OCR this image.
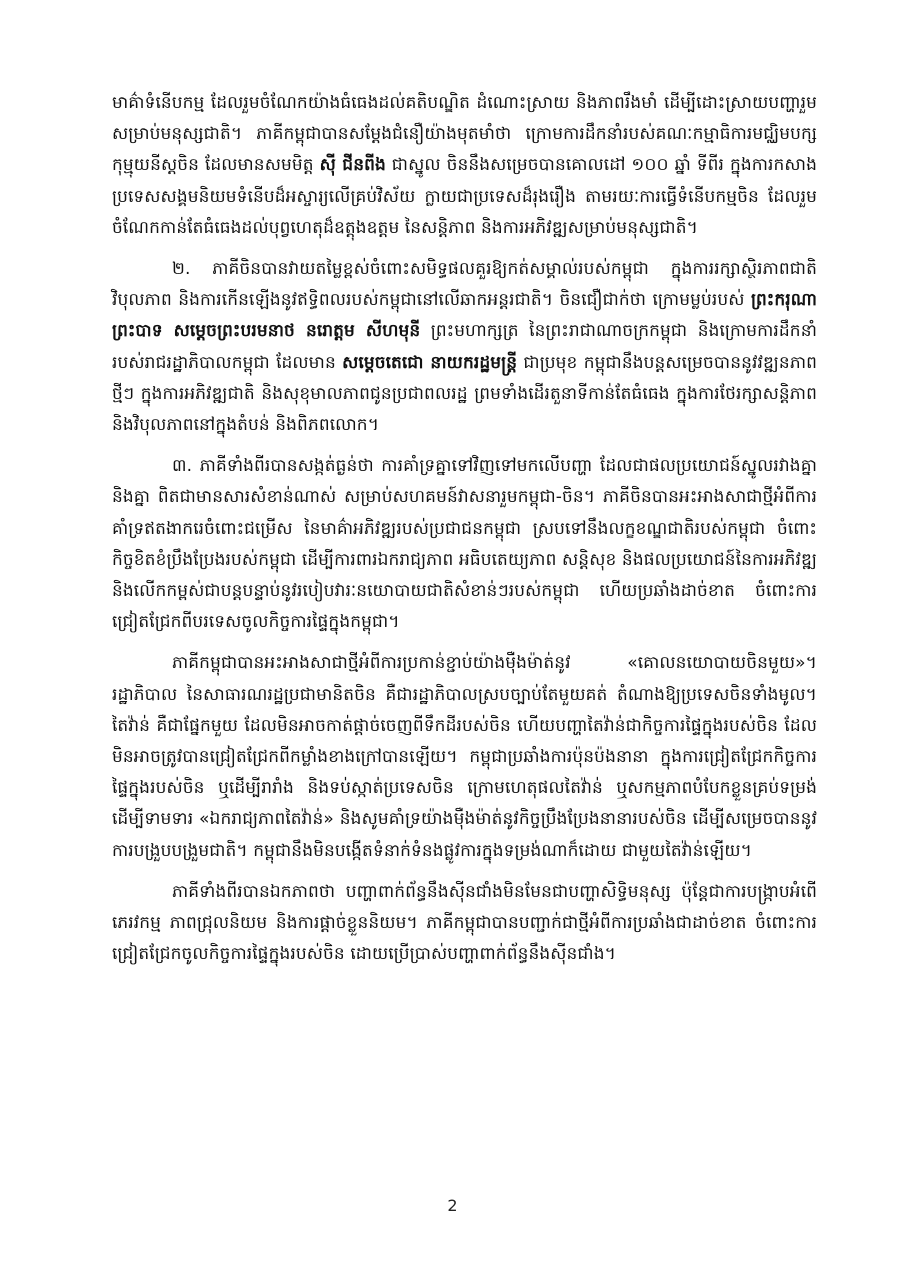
មាគ៌ាទំនើបកម្ម ដែលរួមចំណែកយ៉ាងធំធេងដល់គតិបណ្ឌិត ដំណោះស្រាយ និងភាពរឹងមាំ ដើម្បីដោះស្រាយបញ្ហារួមសម្រាប់មនុស្សជាតិ។ ភាគីកម្ពុជាបានសម្តែងជំនឿយ៉ាងមុតមាំថា ក្រោមការដឹកនាំរបស់គណៈកម្មាធិការមជ្ឈិមបក្សកុម្មុយនីស្តចិន ដែលមានសមមិត្ត ស៊ី ជីនពីង ជាស្នូល ចិននឹងសម្រេចបានគោលដៅ ១០០ ឆ្នាំ ទីពីរ ក្នុងការកសាងប្រទេសសង្គមនិយមទំនើបដ៏អស្ចារ្យលើគ្រប់វិស័យ ក្លាយជាប្រទេសដ៏រុងរឿង តាមរយៈការធ្វើទំនើបកម្មចិន ដែលរួមចំណែកកាន់តែធំធេងដល់បុព្វហេតុដ៏ឧត្តុងឧត្តម នៃសន្តិភាព និងការអភិវឌ្ឍសម្រាប់មនុស្សជាតិ។

២. ភាគីចិនបានវាយតម្លៃខ្ពស់ចំពោះសមិទ្ធផលគួរឱ្យកត់សម្គាល់របស់កម្ពុជា ក្នុងការរក្សាស្ថិរភាពជាតិ វិបុលភាព និងការកើនឡើងនូវឥទ្ធិពលរបស់កម្ពុជានៅលើឆាកអន្តរជាតិ។ ចិនជឿជាក់ថា ក្រោមម្លប់របស់ ព្រះករុណាព្រះបាទ សម្តេចព្រះបរមនាថ នរោត្តម សីហមុនី ព្រះមហាក្សត្រ នៃព្រះរាជាណាចក្រកម្ពុជា និងក្រោមការដឹកនាំរបស់រាជរដ្ឋាភិបាលកម្ពុជា ដែលមាន សម្តេចតេជោ នាយករដ្ឋមន្ត្រី ជាប្រមុខ កម្ពុជានឹងបន្តសម្រេចបាននូវវឌ្ឍនភាពថ្មីៗ ក្នុងការអភិវឌ្ឍជាតិ និងសុខុមាលភាពជូនប្រជាពលរដ្ឋ ព្រមទាំងដើរតួនាទីកាន់តែធំធេង ក្នុងការថែរក្សាសន្តិភាព និងវិបុលភាពនៅក្នុងតំបន់ និងពិភពលោក។

៣. ភាគីទាំងពីរបានសង្កត់ធ្ងន់ថា ការគាំទ្រគ្នាទៅវិញទៅមកលើបញ្ហា ដែលជាផលប្រយោជន៍ស្នូលរវាងគ្នានិងគ្នា ពិតជាមានសារសំខាន់ណាស់ សម្រាប់សហគមន៍វាសនារួមកម្ពុជា-ចិន។ ភាគីចិនបានអះអាងសាជាថ្មីអំពីការគាំទ្រឥតងាករេចំពោះជម្រើស នៃមាគ៌ាអភិវឌ្ឍរបស់ប្រជាជនកម្ពុជា ស្របទៅនឹងលក្ខខណ្ឌជាតិរបស់កម្ពុជា ចំពោះកិច្ចខិតខំប្រឹងប្រែងរបស់កម្ពុជា ដើម្បីការពារឯករាជ្យភាព អធិបតេយ្យភាព សន្តិសុខ និងផលប្រយោជន៍នៃការអភិវឌ្ឍ និងលើកកម្ពស់ជាបន្តបន្ទាប់នូវរបៀបវារៈនយោបាយជាតិសំខាន់ៗរបស់កម្ពុជា ហើយប្រឆាំងដាច់ខាត ចំពោះការជ្រៀតជ្រែកពីបរទេសចូលកិច្ចការផ្ទៃក្នុងកម្ពុជា។

ភាគីកម្ពុជាបានអះអាងសាជាថ្មីអំពីការប្រកាន់ខ្ជាប់យ៉ាងម៉ឺងម៉ាត់នូវ «គោលនយោបាយចិនមួយ»។ រដ្ឋាភិបាល នៃសាធារណរដ្ឋប្រជាមានិតចិន គឺជារដ្ឋាភិបាលស្របច្បាប់តែមួយគត់ តំណាងឱ្យប្រទេសចិនទាំងមូល។ តៃវ៉ាន់ គឺជាផ្នែកមួយ ដែលមិនអាចកាត់ផ្តាច់ចេញពីទឹកដីរបស់ចិន ហើយបញ្ហាតៃវ៉ាន់ជាកិច្ចការផ្ទៃក្នុងរបស់ចិន ដែលមិនអាចត្រូវបានជ្រៀតជ្រែកពីកម្លាំងខាងក្រៅបានឡើយ។ កម្ពុជាប្រឆាំងការប៉ុនប៉ងនានា ក្នុងការជ្រៀតជ្រែកកិច្ចការផ្ទៃក្នុងរបស់ចិន ឬដើម្បីរារាំង និងទប់ស្កាត់ប្រទេសចិន ក្រោមហេតុផលតៃវ៉ាន់ ឬសកម្មភាពបំបែកខ្លួនគ្រប់ទម្រង់ដើម្បីទាមទារ «ឯករាជ្យភាពតៃវ៉ាន់» និងសូមគាំទ្រយ៉ាងម៉ឺងម៉ាត់នូវកិច្ចប្រឹងប្រែងនានារបស់ចិន ដើម្បីសម្រេចបាននូវការបង្រួបបង្រួមជាតិ។ កម្ពុជានឹងមិនបង្កើតទំនាក់ទំនងផ្លូវការក្នុងទម្រង់ណាក៏ដោយ ជាមួយតៃវ៉ាន់ឡើយ។

ភាគីទាំងពីរបានឯកភាពថា បញ្ហាពាក់ព័ន្ធនឹងស៊ីនជាំងមិនមែនជាបញ្ហាសិទ្ធិមនុស្ស ប៉ុន្តែជាការបង្ក្រាបអំពើភេរវកម្ម ភាពជ្រុលនិយម និងការផ្តាច់ខ្លួននិយម។ ភាគីកម្ពុជាបានបញ្ជាក់ជាថ្មីអំពីការប្រឆាំងជាដាច់ខាត ចំពោះការជ្រៀតជ្រែកចូលកិច្ចការផ្ទៃក្នុងរបស់ចិន ដោយប្រើប្រាស់បញ្ហាពាក់ព័ន្ធនឹងស៊ីនជាំង។

2
